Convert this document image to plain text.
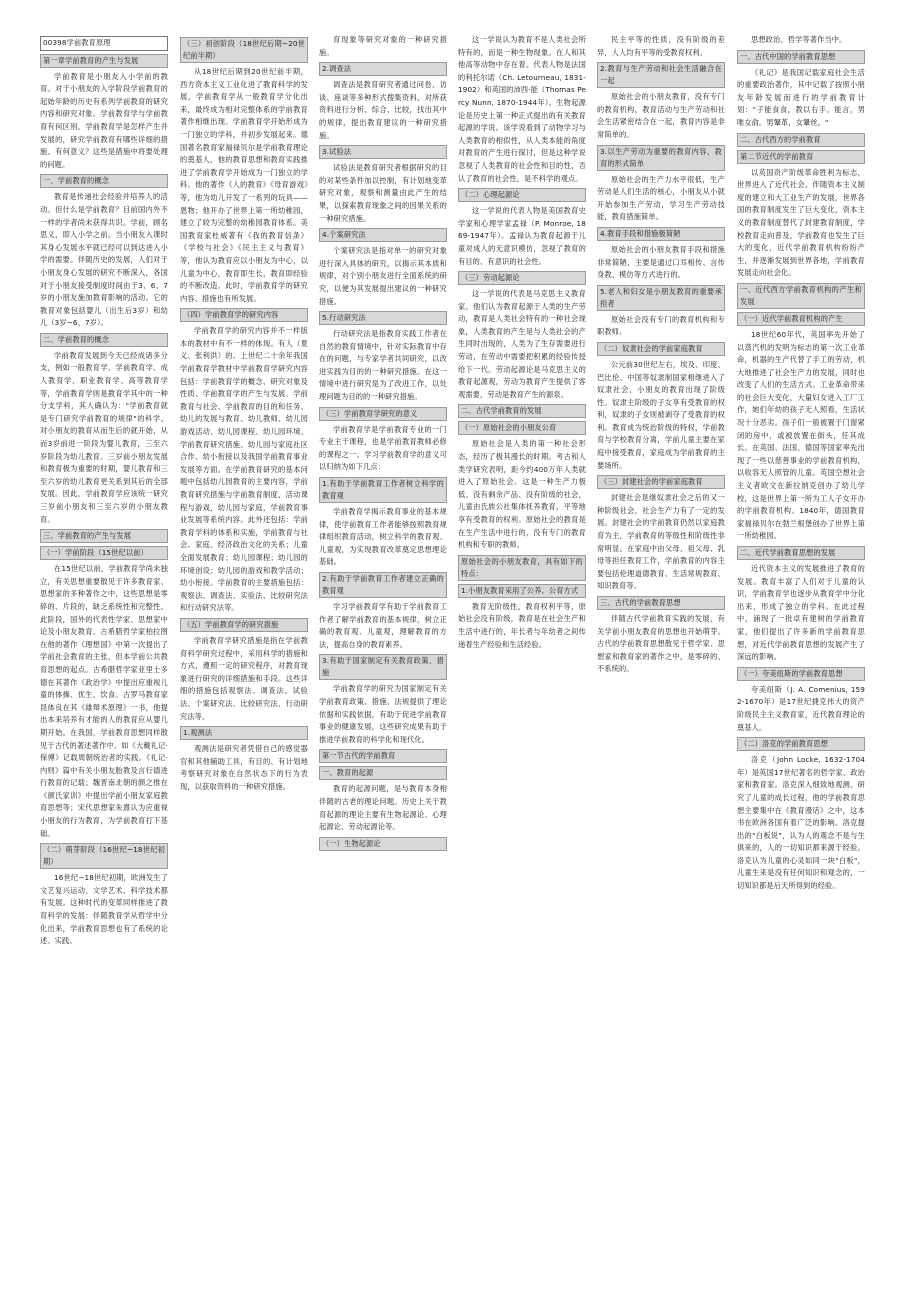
00398学前教育原理

第一章学前教育的产生与发展

学前教育是小朋友入小学前的教育。对于小朋友的入学阶段学前教育的起始年龄的历史有系列学前教育的研究内容和研究对象。学前教育学与学前教育有何区别，学前教育学是怎样产生并发展的，研究学前教育有哪些详细的措施、有何意义？这些是措施中将要处理的问题。

一、学前教育的概念

教育是传递社会经验并培养人的活动。但什么是学前教育？目前国内外不一样的学者尚未获得共识。学前，顾名思义，即入小学之前。当小朋友入课时其身心发展水平就已经可以到达进入小学的需要。伴随历史的发展，人们对于小朋友身心发展的研究不断深入，各国对于小朋友接受制度时间由于3、6、7岁的小朋友施加教育影响的活动。它的教育对象包括婴儿（出生后3岁）和幼儿（3岁~6、7岁）。

二、学前教育的概念

学前教育发展到今天已经成诸多分支，例如一般教育学、学前教育学、成人教育学、职业教育学、高等教育学等，学前教育学则是教育学其中的一种分支学科，其人确认为："学前教育就是专门研究学前教育的规律"的科学。对小朋友的教育从而生后的就开始，从而3岁前进一阶段为婴儿教育，三至六岁阶段为幼儿教育。三岁前小朋友发展和教育极为重要的时期，婴儿教育和三至六岁的幼儿教育更关系到其后的全部发展。因此，学前教育学应该统一研究三岁前小朋友和三至六岁的小朋友教育。

三、学前教育的产生与发展

（一）学前阶段（15世纪以前）

在15世纪以前，学前教育学尚未独立，有关思想重要散见于许多教育家、思想家的多种著作之中，这些思想是零碎的、片段的，缺乏系统性和完整性。此阶段，国外的代表性学家、思想家中论及小朋友教育、古希腊哲学家柏拉图在他的著作《理想国》中第一次提出了学前社会教育的主张，但本学前公共教育思想的起点。古希腊哲学家亚里士多德在其著作《政治学》中提出应重视儿童的体操、优生、饮食。古罗马教育家昆体良在其《雄辩术原理》一书，他提出本来培养有才能的人的教育应从婴儿期开始。在我国，学前教育思想同样散见于古代的著述著作中。如《大戴礼记·保傅》记载周朝统治者的实践。《礼记·内则》篇中有关小朋友胎教及言行德进行教育的记载；魏晋南北朝的颜之推在《颜氏家训》中提出学前小朋友家庭教育思想等；宋代思想家朱熹认为应重视小朋友的行为教育，为学前教育打下基础。

（二）萌芽阶段（16世纪~18世纪初期）

16世纪~18世纪初期，欧洲发生了文艺复兴运动、文学艺术、科学技术都有发展。这种时代的变革同样推进了教育科学的发展：伴随教育学从哲学中分化出来，学前教育思想也有了系统的论述、实践。

（三）初创阶段（18世纪后期~20世纪前半期）

从18世纪后期到20世纪前半期，西方资本主义工业化进了教育科学的发展，学前教育学从一般教育学分化出来，最终成为相对完整体系的学前教育著作相继出现。学前教育学开始形成为一门独立的学科，并初步发展起来。德国著名教育家福禄贝尔是学前教育理论的奠基人，他的教育思想和教育实践推进了学前教育学开始成为一门独立的学科。他的著作《人的教育》《母育游戏》等，他为幼儿开发了一系列的玩具——恩物；他开办了世界上第一所幼稚园，建立了较为完整的幼稚园教育体系。美国教育家杜威著有《我的教育信条》《学校与社会》《民主主义与教育》等，他认为教育应以小朋友为中心，以儿童为中心，教育即生长，教育即经验的不断改造。此时，学前教育学的研究内容、措施也有所发展。

（四）学前教育学的研究内容

学前教育学的研究内容并不一样版本的教材中有不一样的体现。有人（夏义、张利洪）的。上世纪二十余年我国学前教育学教材中学前教育学研究内容包括：学前教育学的概念、研究对象及性质、学前教育学的产生与发展、学前教育与社会、学前教育的目的和任务、幼儿的发展与教育、幼儿教师、幼儿园游戏活动、幼儿园课程、幼儿园环境、学前教育研究措施、幼儿园与家庭社区合作、幼小衔接以及我国学前教育事业发展等方面。在学前教育研究的基本问题中包括幼儿园教育的主要内容，学前教育研究措施与学前教育制度，活动课程与游戏，幼儿园与家庭，学前教育事业发展等系统内容。此外还包括：学前教育学科的体系和实施，学前教育与社会、家庭、经济政治文化的关系；儿童全面发展教育；幼儿园课程；幼儿园的环境创设；幼儿园的游戏和教学活动；幼小衔接。学前教育的主要措施包括：观察法、调查法、实验法、比较研究法和行动研究法等。

（五）学前教育学的研究措施

学前教育学研究措施是指在学前教育科学研究过程中，采用科学的措施和方式，遵照一定的研究程序，对教育现象进行研究的详细措施和手段。这些详细的措施包括观察法、调查法、试验法、个案研究法、比较研究法、行动研究法等。

1.观测法

观测法是研究者凭借自己的感觉器官和其他辅助工具，有目的、有计划地考察研究对象在自然状态下的行为表现，以获取资料的一种研究措施。

育现象等研究对象的一种研究措施。

2.调查法

调查法是教育研究者通过问卷、访谈、座谈等多种形式搜集资料，对所获资料进行分析、综合、比较，找出其中的规律，提出教育建议的一种研究措施。

3.试验法

试验法是教育研究者根据研究的目的对某些条件加以控制，有计划地变革研究对象，观察和测量由此产生的结果，以探索教育现象之间的因果关系的一种研究措施。

4.个案研究法

个案研究法是指对单一的研究对象进行深入具体的研究，以揭示其本质和规律，对个别小朋友进行全面系统的研究，以便为其发展提出建议的一种研究措施。

5.行动研究法

行动研究法是指教育实践工作者在自然的教育情境中，针对实际教育中存在的问题，与专家学者共同研究，以改进实践为目的的一种研究措施。在这一情境中进行研究是为了改进工作，以处理问题为目的的一种研究措施。

（三）学前教育学研究的意义

学前教育学是学前教育专业的一门专业主干课程，也是学前教育教师必修的课程之一。学习学前教育学的意义可以归纳为如下几点：

1.有助于学前教育工作者树立科学的教育观

学前教育学揭示教育事业的基本规律，使学前教育工作者能够按照教育规律组织教育活动，树立科学的教育观、儿童观，为实现教育改革奠定思想理论基础。

2.有助于学前教育工作者建立正确的教育观

学习学前教育学有助于学前教育工作者了解学前教育的基本规律，树立正确的教育观、儿童观，理解教育的方法，提高自身的教育素养。

3.有助于国家制定有关教育政策、措施

学前教育学的研究为国家制定有关学前教育政策、措施、法规提供了理论依据和实践依据，有助于促进学前教育事业的健康发展，这些研究成果有助于推进学前教育的科学化和现代化。

第一节古代的学前教育

一、教育的起源

教育的起源问题，是与教育本身相伴随的古老的理论问题。历史上关于教育起源的理论主要有生物起源论、心理起源论、劳动起源论等。

（一）生物起源论

这一学说认为教育不是人类社会所特有的，而是一种生物现象。在人和其他高等动物中存在着。代表人物是法国的利托尔诺（Ch. Letourneau, 1831-1902）和英国的沛西·能（Thomas Percy Nunn, 1870-1944年）。生物起源论是历史上第一种正式提出的有关教育起源的学说。该学说看到了动物学习与人类教育的相似性，从人类本能的角度对教育的产生进行探讨，但是这种学说忽视了人类教育的社会性和目的性，否认了教育的社会性，是不科学的观点。

（二）心理起源论

这一学说的代表人物是美国教育史学家和心理学家孟禄（P. Monroe, 1869-1947年）。孟禄认为教育起源于儿童对成人的无意识模仿，忽视了教育的有目的、有意识的社会性。

（三）劳动起源论

这一学说的代表是马克思主义教育家。他们认为教育起源于人类的生产劳动，教育是人类社会特有的一种社会现象，人类教育的产生是与人类社会的产生同时出现的，人类为了生存需要进行劳动，在劳动中需要把积累的经验传授给下一代。劳动起源论是马克思主义的教育起源观，劳动为教育产生提供了客观需要，劳动是教育产生的源泉。

二、古代学前教育的发展

（一）原始社会的小朋友公育

原始社会是人类的第一种社会形态，经历了极其漫长的时期。考古和人类学研究表明，距今约400万年人类就进入了原始社会。这是一种生产力极低、没有剩余产品、没有阶级的社会，儿童由氏族公社集体抚养教育，平等地享有受教育的权利。原始社会的教育是在生产生活中进行的，没有专门的教育机构和专职的教师。

原始社会的小朋友教育，具有如下的特点：

1.小朋友教育采用了公养、公育方式

教育无阶级性，教育权利平等，原始社会没有阶级，教育是在社会生产和生活中进行的，年长者与年幼者之间传递着生产经验和生活经验。

民主平等的性质，没有阶级的差异，人人均有平等的受教育权利。

2.教育与生产劳动和社会生活融合在一起

原始社会的小朋友教育，没有专门的教育机构，教育活动与生产劳动和社会生活紧密结合在一起，教育内容是非常简单的。

3.以生产劳动为重要的教育内容，教育的形式简单

原始社会的生产力水平很低，生产劳动是人们生活的核心，小朋友从小就开始参加生产劳动，学习生产劳动技能，教育措施简单。

4.教育手段和措施极简陋

原始社会的小朋友教育手段和措施非常简陋，主要是通过口耳相传、言传身教、模仿等方式进行的。

5.老人和妇女是小朋友教育的重要承担者

原始社会没有专门的教育机构和专职教师。

（二）奴隶社会的学前家庭教育

公元前30世纪左右，埃及、印度、巴比伦、中国等奴隶制国家相继进入了奴隶社会，小朋友的教育出现了阶级性。奴隶主阶级的子女享有受教育的权利，奴隶的子女则被剥夺了受教育的权利。教育成为统治阶级的特权，学前教育与学校教育分离，学前儿童主要在家庭中接受教育，家庭成为学前教育的主要场所。

（三）封建社会的学前家庭教育

封建社会是继奴隶社会之后的又一种阶级社会，社会生产力有了一定的发展。封建社会的学前教育仍然以家庭教育为主，学前教育的等级性和阶级性非常明显。在家庭中由父母、祖父母、乳母等担任教育工作，学前教育的内容主要包括伦理道德教育、生活常规教育、知识教育等。

三、古代的学前教育思想

伴随古代学前教育实践的发展，有关学前小朋友教育的思想也开始萌芽。古代的学前教育思想散见于哲学家、思想家和教育家的著作之中，是零碎的、不系统的。

思想政治、哲学等著作当中。

一、古代中国的学前教育思想

《礼记》是我国记载家庭社会生活的重要政治著作，其中记载了按照小朋友年龄发展而进行的学前教育计划："子能食食，教以右手。能言，男唯女俞。男鞶革，女鞶丝。"

二、古代西方的学前教育

第二节近代的学前教育

以英国资产阶级革命胜利为标志，世界进入了近代社会。伴随资本主义制度的建立和大工业生产的发展，世界各国的教育制度发生了巨大变化，资本主义的教育制度替代了封建教育制度，学校教育走向普及，学前教育也发生了巨大的变化，近代学前教育机构纷纷产生，并逐渐发展到世界各地，学前教育发展走向社会化。

一、近代西方学前教育机构的产生和发展

（一）近代学前教育机构的产生

18世纪60年代，英国率先开始了以蒸汽机的发明为标志的第一次工业革命，机器的生产代替了手工的劳动，机大地推进了社会生产力的发展，同时也改变了人们的生活方式。工业革命带来的社会巨大变化，大量妇女进入工厂工作，她们年幼的孩子无人照看，生活状况十分恶劣。孩子们一般被置于门窗紧闭的房中，或被放置在街头，任其成长。在英国、法国、德国等国家率先出现了一些以慈善事业的学前教育机构，以收容无人照管的儿童。英国空想社会主义者欧文在新拉纳克创办了幼儿学校，这是世界上第一所为工人子女开办的学前教育机构。1840年，德国教育家福禄贝尔在勃兰根堡创办了世界上第一所幼稚园。

二、近代学前教育思想的发展

近代资本主义的发展推进了教育的发展。教育丰富了人们对于儿童的认识，学前教育学也逐步从教育学中分化出来，形成了独立的学科。在此过程中，涌现了一批卓有建树的学前教育家，他们提出了许多新的学前教育思想，对近代学前教育思想的发展产生了深远的影响。

（一）夸美纽斯的学前教育思想

夸美纽斯（J. A. Comenius, 1592-1670年）是17世纪捷克伟大的资产阶级民主主义教育家，近代教育理论的奠基人。

（二）洛克的学前教育思想

洛克（John Locke, 1632-1704年）是英国17世纪著名的哲学家、政治家和教育家。洛克深入细致地观测、研究了儿童的成长过程，他的学前教育思想主要集中在《教育漫话》之中，这本书在欧洲各国有着广泛的影响。洛克提出的"白板说"，认为人的观念不是与生俱来的，人的一切知识都来源于经验。洛克认为儿童的心灵如同一块"白板"，儿童生来是没有任何知识和观念的，一切知识都是后天所得到的经验。
